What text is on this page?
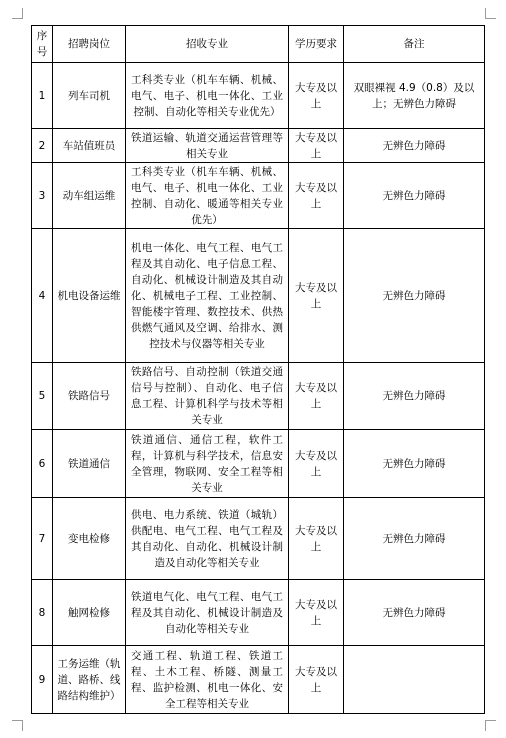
序号	招聘岗位	招收专业	学历要求	备注
1	列车司机	工科类专业（机车车辆、机械、电气、电子、机电一体化、工业控制、自动化等相关专业优先）	大专及以上	双眼裸视 4.9（0.8）及以上；无辨色力障碍
2	车站值班员	铁道运输、轨道交通运营管理等相关专业	大专及以上	无辨色力障碍
3	动车组运维	工科类专业（机车车辆、机械、电气、电子、机电一体化、工业控制、自动化、暖通等相关专业优先）	大专及以上	无辨色力障碍
4	机电设备运维	机电一体化、电气工程、电气工程及其自动化、电子信息工程、自动化、机械设计制造及其自动化、机械电子工程、工业控制、智能楼宇管理、数控技术、供热供燃气通风及空调、给排水、测控技术与仪器等相关专业	大专及以上	无辨色力障碍
5	铁路信号	铁路信号、自动控制（铁道交通信号与控制）、自动化、电子信息工程、计算机科学与技术等相关专业	大专及以上	无辨色力障碍
6	铁道通信	铁道通信、通信工程，软件工程，计算机与科学技术，信息安全管理，物联网、安全工程等相关专业	大专及以上	无辨色力障碍
7	变电检修	供电、电力系统、铁道（城轨）供配电、电气工程、电气工程及其自动化、自动化、机械设计制造及自动化等相关专业	大专及以上	无辨色力障碍
8	触网检修	铁道电气化、电气工程、电气工程及其自动化、机械设计制造及自动化等相关专业	大专及以上	无辨色力障碍
9	工务运维（轨道、路桥、线路结构维护）	交通工程、轨道工程、铁道工程、土木工程、桥隧、测量工程、监护检测、机电一体化、安全工程等相关专业	大专及以上	
